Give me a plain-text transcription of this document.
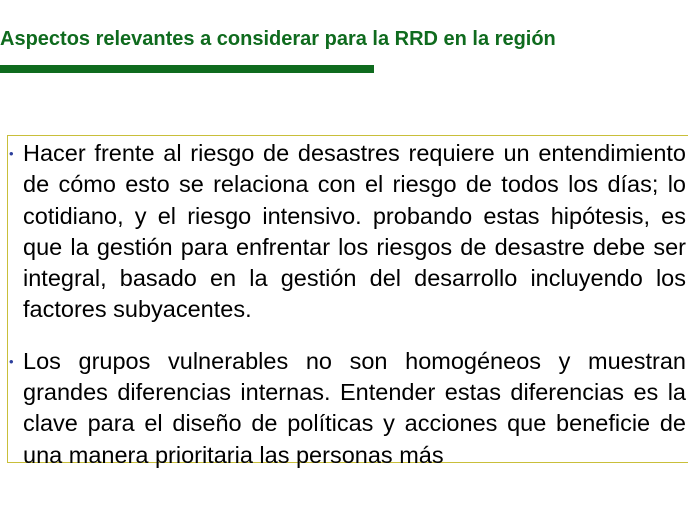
Aspectos relevantes a considerar para la RRD en la región
• Hacer frente al riesgo de desastres requiere un entendimiento de cómo esto se relaciona con el riesgo de todos los días; lo cotidiano, y el riesgo intensivo. probando estas hipótesis, es que la gestión para enfrentar los riesgos de desastre debe ser integral, basado en la gestión del desarrollo incluyendo los factores subyacentes.
• Los grupos vulnerables no son homogéneos y muestran grandes diferencias internas. Entender estas diferencias es la clave para el diseño de políticas y acciones que beneficie de una manera prioritaria las personas más
